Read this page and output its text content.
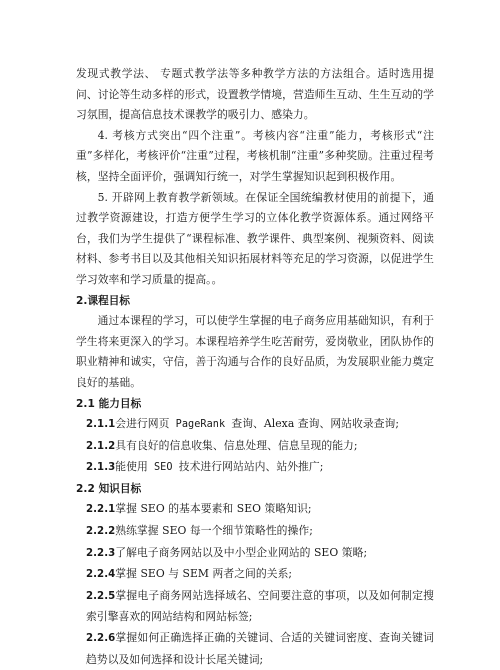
发现式教学法、 专题式教学法等多种教学方法的方法组合。适时选用提问、讨论等生动多样的形式，设置教学情境，营造师生互动、生生互动的学习氛围，提高信息技术课教学的吸引力、感染力。

4. 考核方式突出“四个注重”。考核内容“注重”能力，考核形式“注重”多样化，考核评价“注重”过程，考核机制“注重”多种奖励。注重过程考核，坚持全面评价，强调知行统一，对学生掌握知识起到积极作用。

5. 开辟网上教育教学新领域。在保证全国统编教材使用的前提下，通过教学资源建设，打造方便学生学习的立体化教学资源体系。通过网络平台，我们为学生提供了“课程标准、教学课件、典型案例、视频资料、阅读材料、参考书目以及其他相关知识拓展材料等充足的学习资源，以促进学生学习效率和学习质量的提高。。

2.课程目标

通过本课程的学习，可以使学生掌握的电子商务应用基础知识，有利于学生将来更深入的学习。本课程培养学生吃苦耐劳，爱岗敬业，团队协作的职业精神和诚实，守信，善于沟通与合作的良好品质，为发展职业能力奠定良好的基础。

2.1 能力目标

2.1.1会进行网页 PageRank 查询、Alexa 查询、网站收录查询;

2.1.2具有良好的信息收集、信息处理、信息呈现的能力;

2.1.3能使用 SEO 技术进行网站站内、站外推广;

2.2 知识目标

2.2.1掌握 SEO 的基本要素和 SEO 策略知识;

2.2.2熟练掌握 SEO 每一个细节策略性的操作;

2.2.3了解电子商务网站以及中小型企业网站的 SEO 策略;

2.2.4掌握 SEO 与 SEM 两者之间的关系;

2.2.5掌握电子商务网站选择域名、空间要注意的事项，以及如何制定搜索引擎喜欢的网站结构和网站标签;

2.2.6掌握如何正确选择正确的关键词、合适的关键词密度、查询关键词趋势以及如何选择和设计长尾关键词;
